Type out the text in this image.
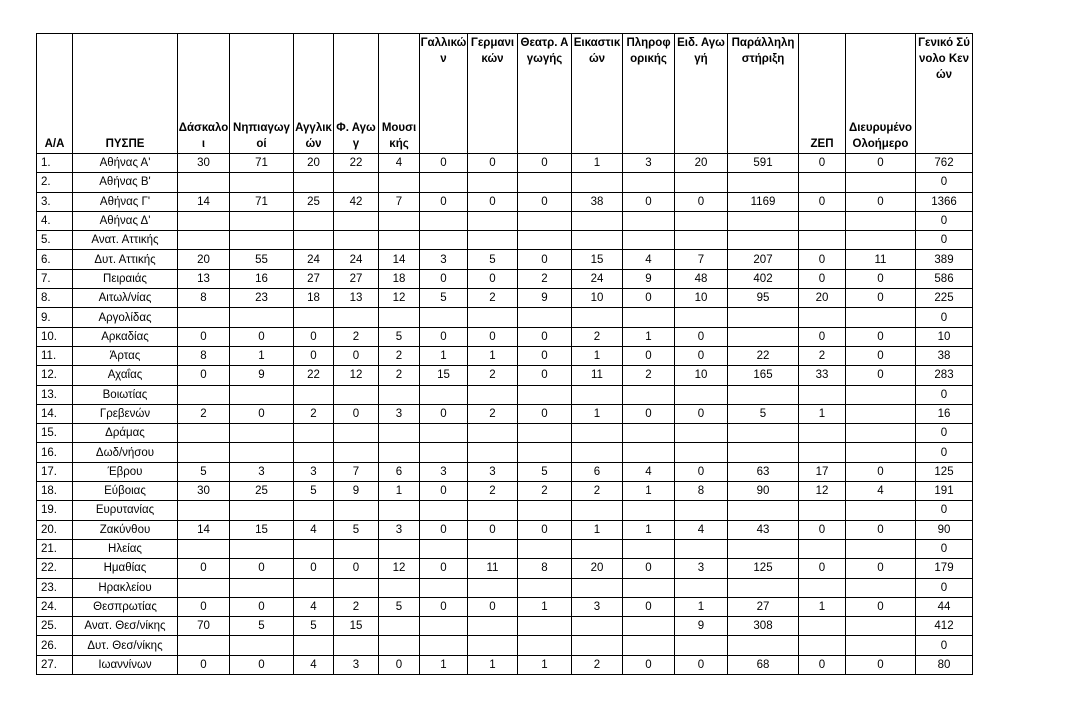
Α/Α	ΠΥΣΠΕ	Δάσκαλοι	Νηπιαγωγοί	Αγγλικών	Φ. Αγωγ	Μουσικής	Γαλλικών	Γερμανικών	Θεατρ. Αγωγής	Εικαστικών	Πληροφορικής	Ειδ. Αγωγή	Παράλληλη στήριξη	ΖΕΠ	Διευρυμένο Ολοήμερο	Γενικό Σύνολο Κενών
1.	Αθήνας Α'	30	71	20	22	4	0	0	0	1	3	20	591	0	0	762
2.	Αθήνας Β'															0
3.	Αθήνας Γ'	14	71	25	42	7	0	0	0	38	0	0	1169	0	0	1366
4.	Αθήνας Δ'															0
5.	Ανατ. Αττικής															0
6.	Δυτ. Αττικής	20	55	24	24	14	3	5	0	15	4	7	207	0	11	389
7.	Πειραιάς	13	16	27	27	18	0	0	2	24	9	48	402	0	0	586
8.	Αιτωλ/νίας	8	23	18	13	12	5	2	9	10	0	10	95	20	0	225
9.	Αργολίδας															0
10.	Αρκαδίας	0	0	0	2	5	0	0	0	2	1	0		0	0	10
11.	Άρτας	8	1	0	0	2	1	1	0	1	0	0	22	2	0	38
12.	Αχαΐας	0	9	22	12	2	15	2	0	11	2	10	165	33	0	283
13.	Βοιωτίας															0
14.	Γρεβενών	2	0	2	0	3	0	2	0	1	0	0	5	1		16
15.	Δράμας															0
16.	Δωδ/νήσου															0
17.	Έβρου	5	3	3	7	6	3	3	5	6	4	0	63	17	0	125
18.	Εύβοιας	30	25	5	9	1	0	2	2	2	1	8	90	12	4	191
19.	Ευρυτανίας															0
20.	Ζακύνθου	14	15	4	5	3	0	0	0	1	1	4	43	0	0	90
21.	Ηλείας															0
22.	Ημαθίας	0	0	0	0	12	0	11	8	20	0	3	125	0	0	179
23.	Ηρακλείου															0
24.	Θεσπρωτίας	0	0	4	2	5	0	0	1	3	0	1	27	1	0	44
25.	Ανατ. Θεσ/νίκης	70	5	5	15							9	308			412
26.	Δυτ. Θεσ/νίκης															0
27.	Ιωαννίνων	0	0	4	3	0	1	1	1	2	0	0	68	0	0	80
